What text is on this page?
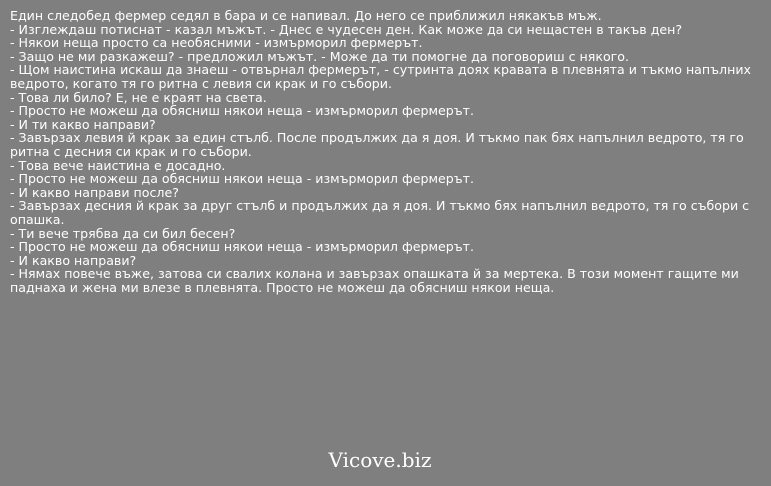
Един следобед фермер седял в бара и се напивал. До него се приближил някакъв мъж.
- Изглеждаш потиснат - казал мъжът. - Днес е чудесен ден. Как може да си нещастен в такъв ден?
- Някои неща просто са необясними - измърморил фермерът.
- Защо не ми разкажеш? - предложил мъжът. - Може да ти помогне да поговориш с някого.
- Щом наистина искаш да знаеш - отвърнал фермерът, - сутринта доях кравата в плевнята и тъкмо напълних ведрото, когато тя го ритна с левия си крак и го събори.
- Това ли било? Е, не е краят на света.
- Просто не можеш да обясниш някои неща - измърморил фермерът.
- И ти какво направи?
- Завързах левия й крак за един стълб. После продължих да я доя. И тъкмо пак бях напълнил ведрото, тя го ритна с десния си крак и го събори.
- Това вече наистина е досадно.
- Просто не можеш да обясниш някои неща - измърморил фермерът.
- И какво направи после?
- Завързах десния й крак за друг стълб и продължих да я доя. И тъкмо бях напълнил ведрото, тя го събори с опашка.
- Ти вече трябва да си бил бесен?
- Просто не можеш да обясниш някои неща - измърморил фермерът.
- И какво направи?
- Нямах повече въже, затова си свалих колана и завързах опашката й за мертека. В този момент гащите ми паднаха и жена ми влезе в плевнята. Просто не можеш да обясниш някои неща.
Vicove.biz
